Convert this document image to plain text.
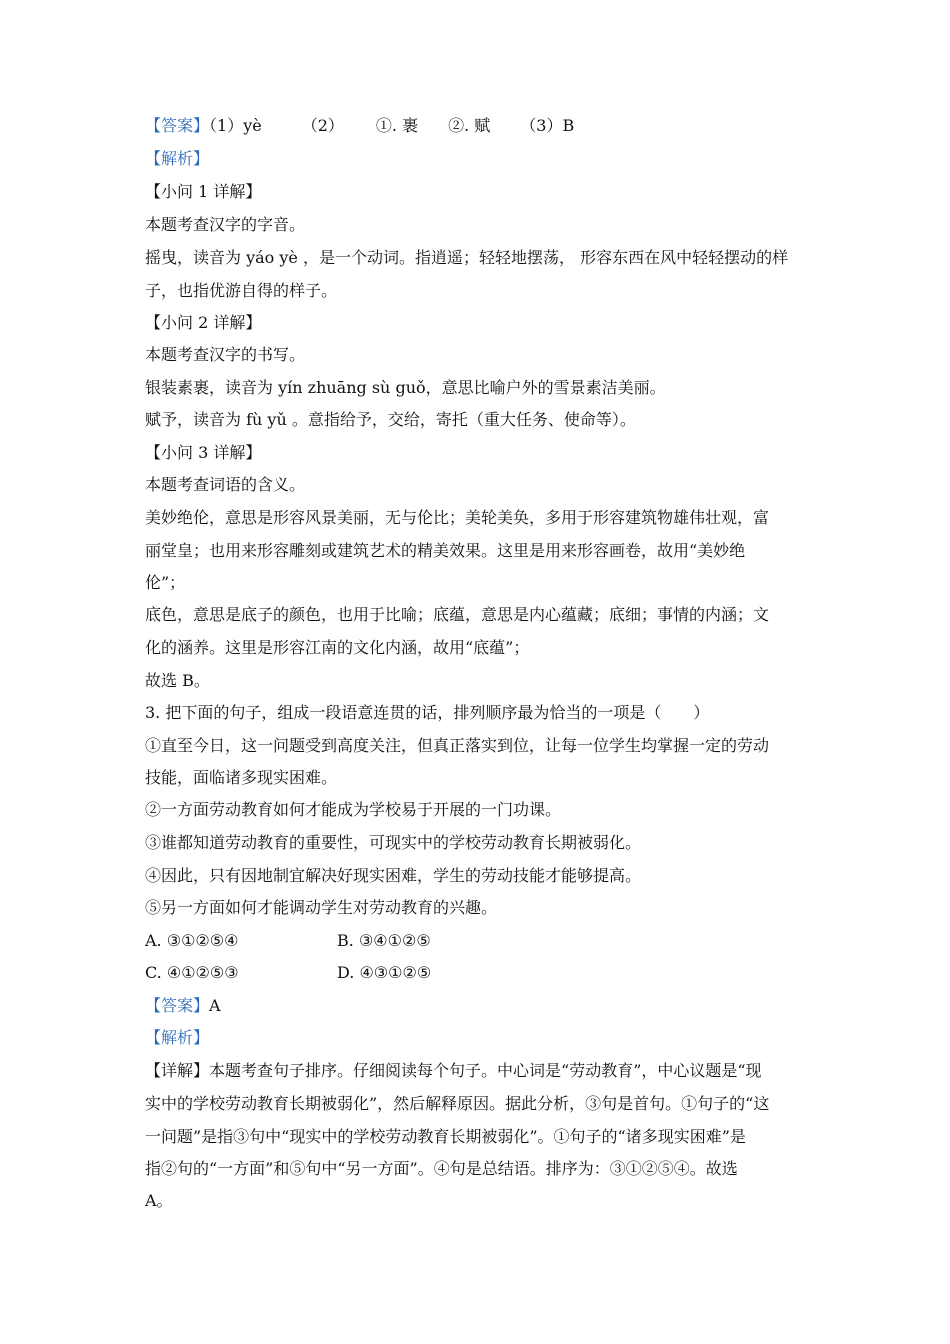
【答案】（1）yè	（2） ①. 裹 ②. 赋 （3）B
【解析】
【小问 1 详解】
本题考查汉字的字音。
摇曳，读音为 yáo yè ，是一个动词。指逍遥；轻轻地摆荡， 形容东西在风中轻轻摆动的样
子，也指优游自得的样子。
【小问 2 详解】
本题考查汉字的书写。
银装素裹，读音为 yín zhuāng sù guǒ，意思比喻户外的雪景素洁美丽。
赋予，读音为 fù yǔ 。意指给予，交给，寄托（重大任务、使命等）。
【小问 3 详解】
本题考查词语的含义。
美妙绝伦，意思是形容风景美丽，无与伦比；美轮美奂，多用于形容建筑物雄伟壮观，富
丽堂皇；也用来形容雕刻或建筑艺术的精美效果。这里是用来形容画卷，故用“美妙绝
伦”；
底色，意思是底子的颜色，也用于比喻；底蕴，意思是内心蕴藏；底细；事情的内涵；文
化的涵养。这里是形容江南的文化内涵，故用“底蕴”；
故选 B。
3. 把下面的句子，组成一段语意连贯的话，排列顺序最为恰当的一项是（　　）
①直至今日，这一问题受到高度关注，但真正落实到位，让每一位学生均掌握一定的劳动
技能，面临诸多现实困难。
②一方面劳动教育如何才能成为学校易于开展的一门功课。
③谁都知道劳动教育的重要性，可现实中的学校劳动教育长期被弱化。
④因此，只有因地制宜解决好现实困难，学生的劳动技能才能够提高。
⑤另一方面如何才能调动学生对劳动教育的兴趣。
A. ③①②⑤④	B. ③④①②⑤
C. ④①②⑤③	D. ④③①②⑤
【答案】A
【解析】
【详解】本题考查句子排序。仔细阅读每个句子。中心词是“劳动教育”，中心议题是“现
实中的学校劳动教育长期被弱化”，然后解释原因。据此分析，③句是首句。①句子的“这
一问题”是指③句中“现实中的学校劳动教育长期被弱化”。①句子的“诸多现实困难”是
指②句的“一方面”和⑤句中“另一方面”。④句是总结语。排序为：③①②⑤④。故选
A。
